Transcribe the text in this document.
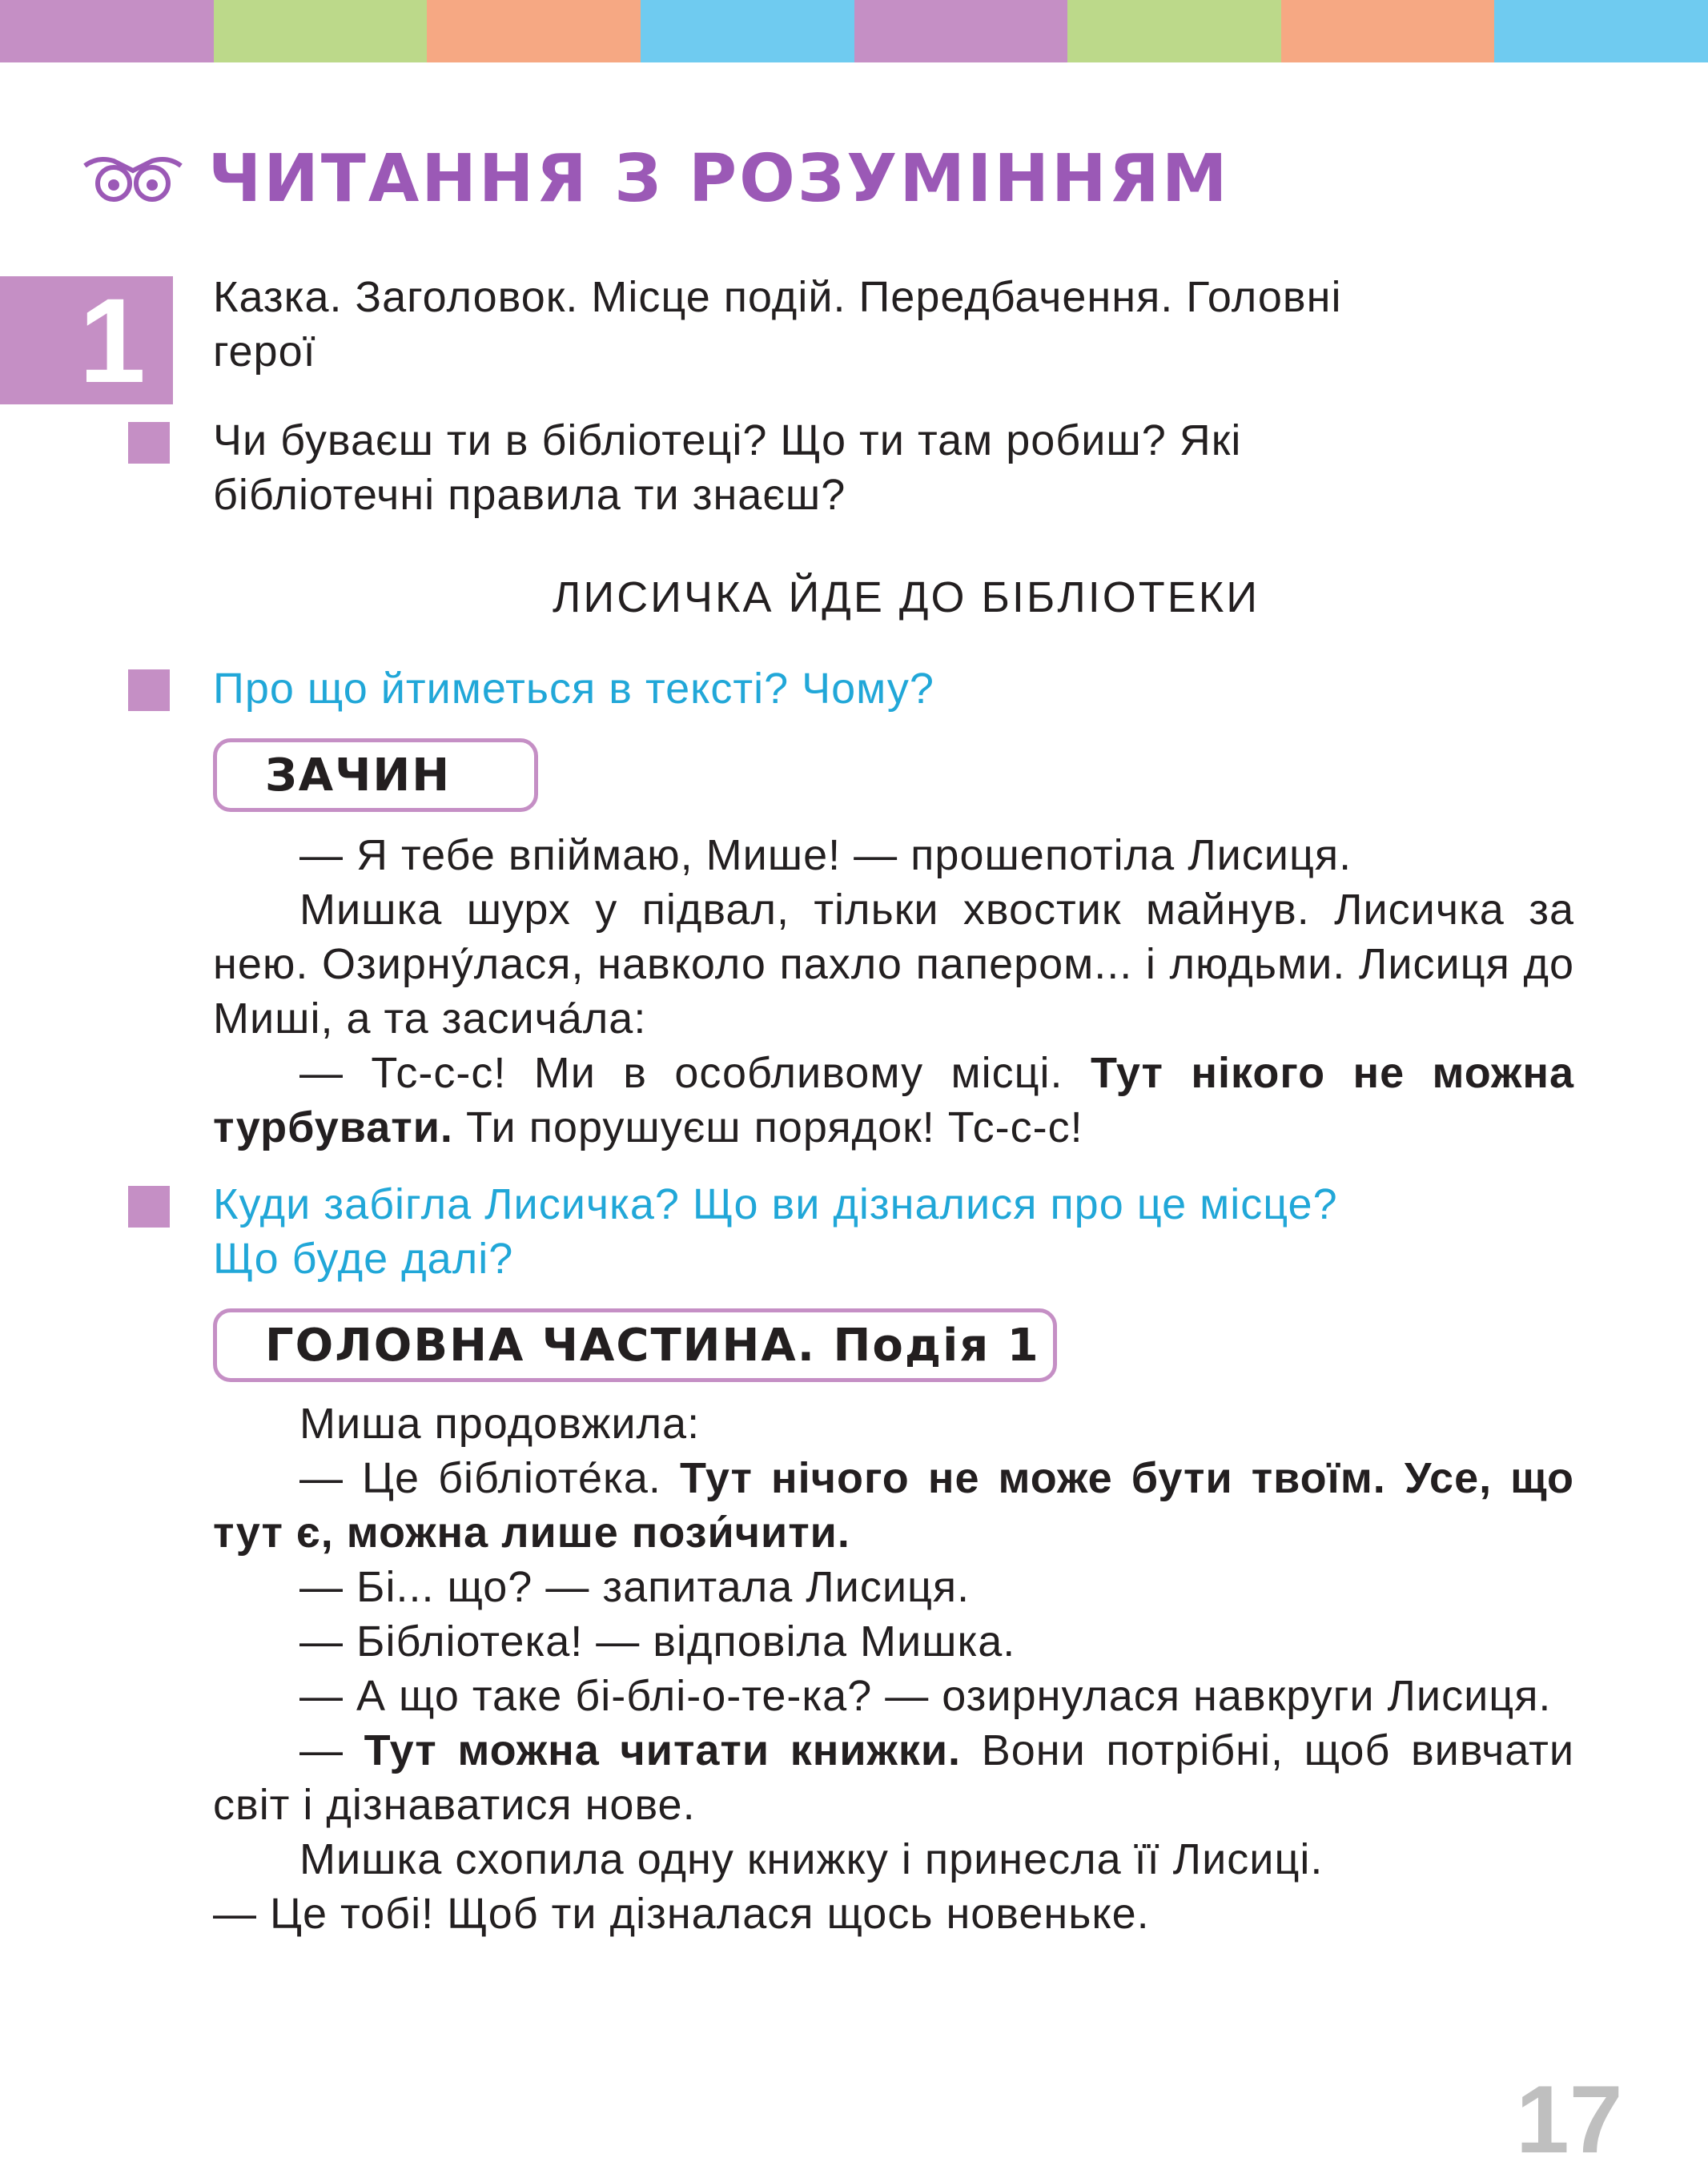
ЧИТАННЯ З РОЗУМІННЯМ
1	Казка. Заголовок. Місце подій. Передбачення. Головні
герої
Чи буваєш ти в бібліотеці? Що ти там робиш? Які
бібліотечні правила ти знаєш?
ЛИСИЧКА ЙДЕ ДО БІБЛІОТЕКИ
Про що йтиметься в тексті? Чому?
ЗАЧИН

— Я тебе впіймаю, Мише! — прошепотіла Лисиця.

Мишка шурх у підвал, тільки хвостик майнув. Лисичка за нею. Озирну́лася, навколо пахло папером... і людьми. Лисиця до Миші, а та засича́ла:

— Тс-с-с! Ми в особливому місці. Тут нікого не можна турбувати. Ти порушуєш порядок! Тс-с-с!

Куди забігла Лисичка? Що ви дізналися про це місце?
Що буде далі?
ГОЛОВНА ЧАСТИНА. Подія 1

Миша продовжила:

— Це бібліоте́ка. Тут нічого не може бути твоїм. Усе, що тут є, можна лише пози́чити.

— Бі... що? — запитала Лисиця.

— Бібліотека! — відповіла Мишка.

— А що таке бі-блі-о-те-ка? — озирнулася навкруги Лисиця.

— Тут можна читати книжки. Вони потрібні, щоб вивчати світ і дізнаватися нове.

Мишка схопила одну книжку і принесла її Лисиці.

— Це тобі! Щоб ти дізналася щось новеньке.

17
